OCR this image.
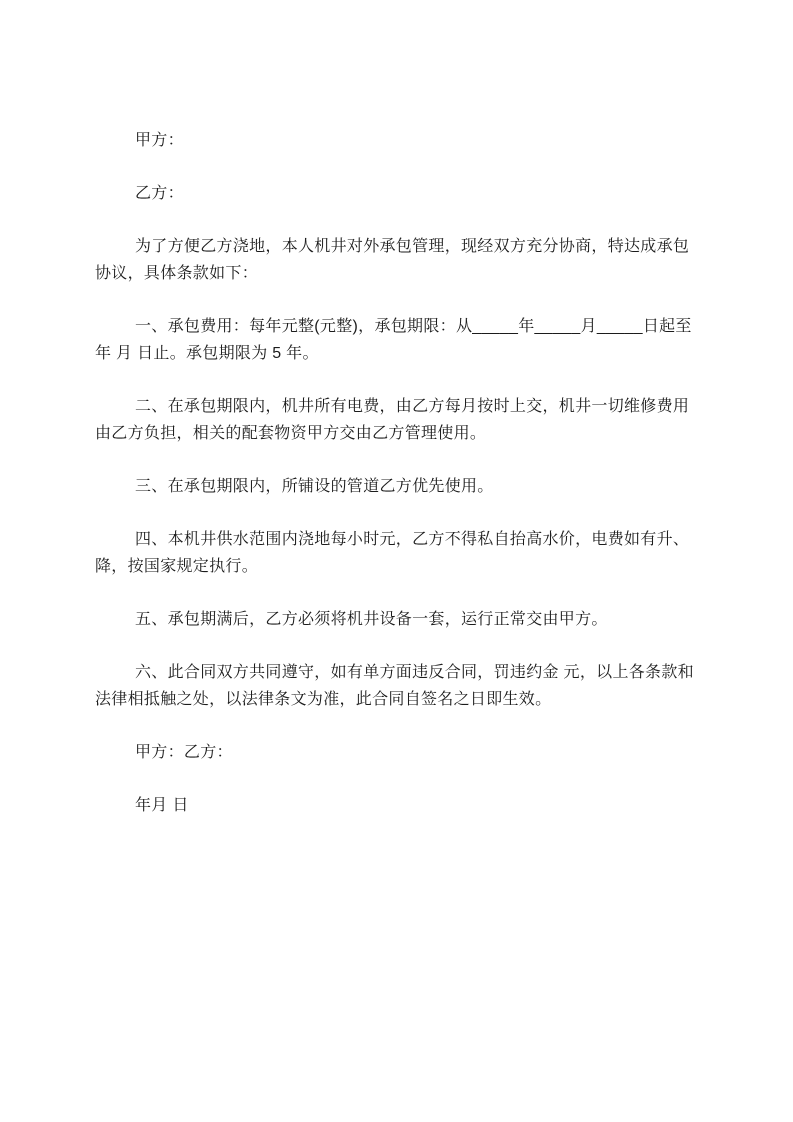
甲方：

乙方：

为了方便乙方浇地，本人机井对外承包管理，现经双方充分协商，特达成承包协议，具体条款如下：

一、承包费用：每年元整(元整)，承包期限：从_____年_____月_____日起至 年 月 日止。承包期限为 5 年。

二、在承包期限内，机井所有电费，由乙方每月按时上交，机井一切维修费用由乙方负担，相关的配套物资甲方交由乙方管理使用。

三、在承包期限内，所铺设的管道乙方优先使用。

四、本机井供水范围内浇地每小时元，乙方不得私自抬高水价，电费如有升、降，按国家规定执行。

五、承包期满后，乙方必须将机井设备一套，运行正常交由甲方。

六、此合同双方共同遵守，如有单方面违反合同，罚违约金 元，以上各条款和法律相抵触之处，以法律条文为准，此合同自签名之日即生效。

甲方：乙方：

年月 日
